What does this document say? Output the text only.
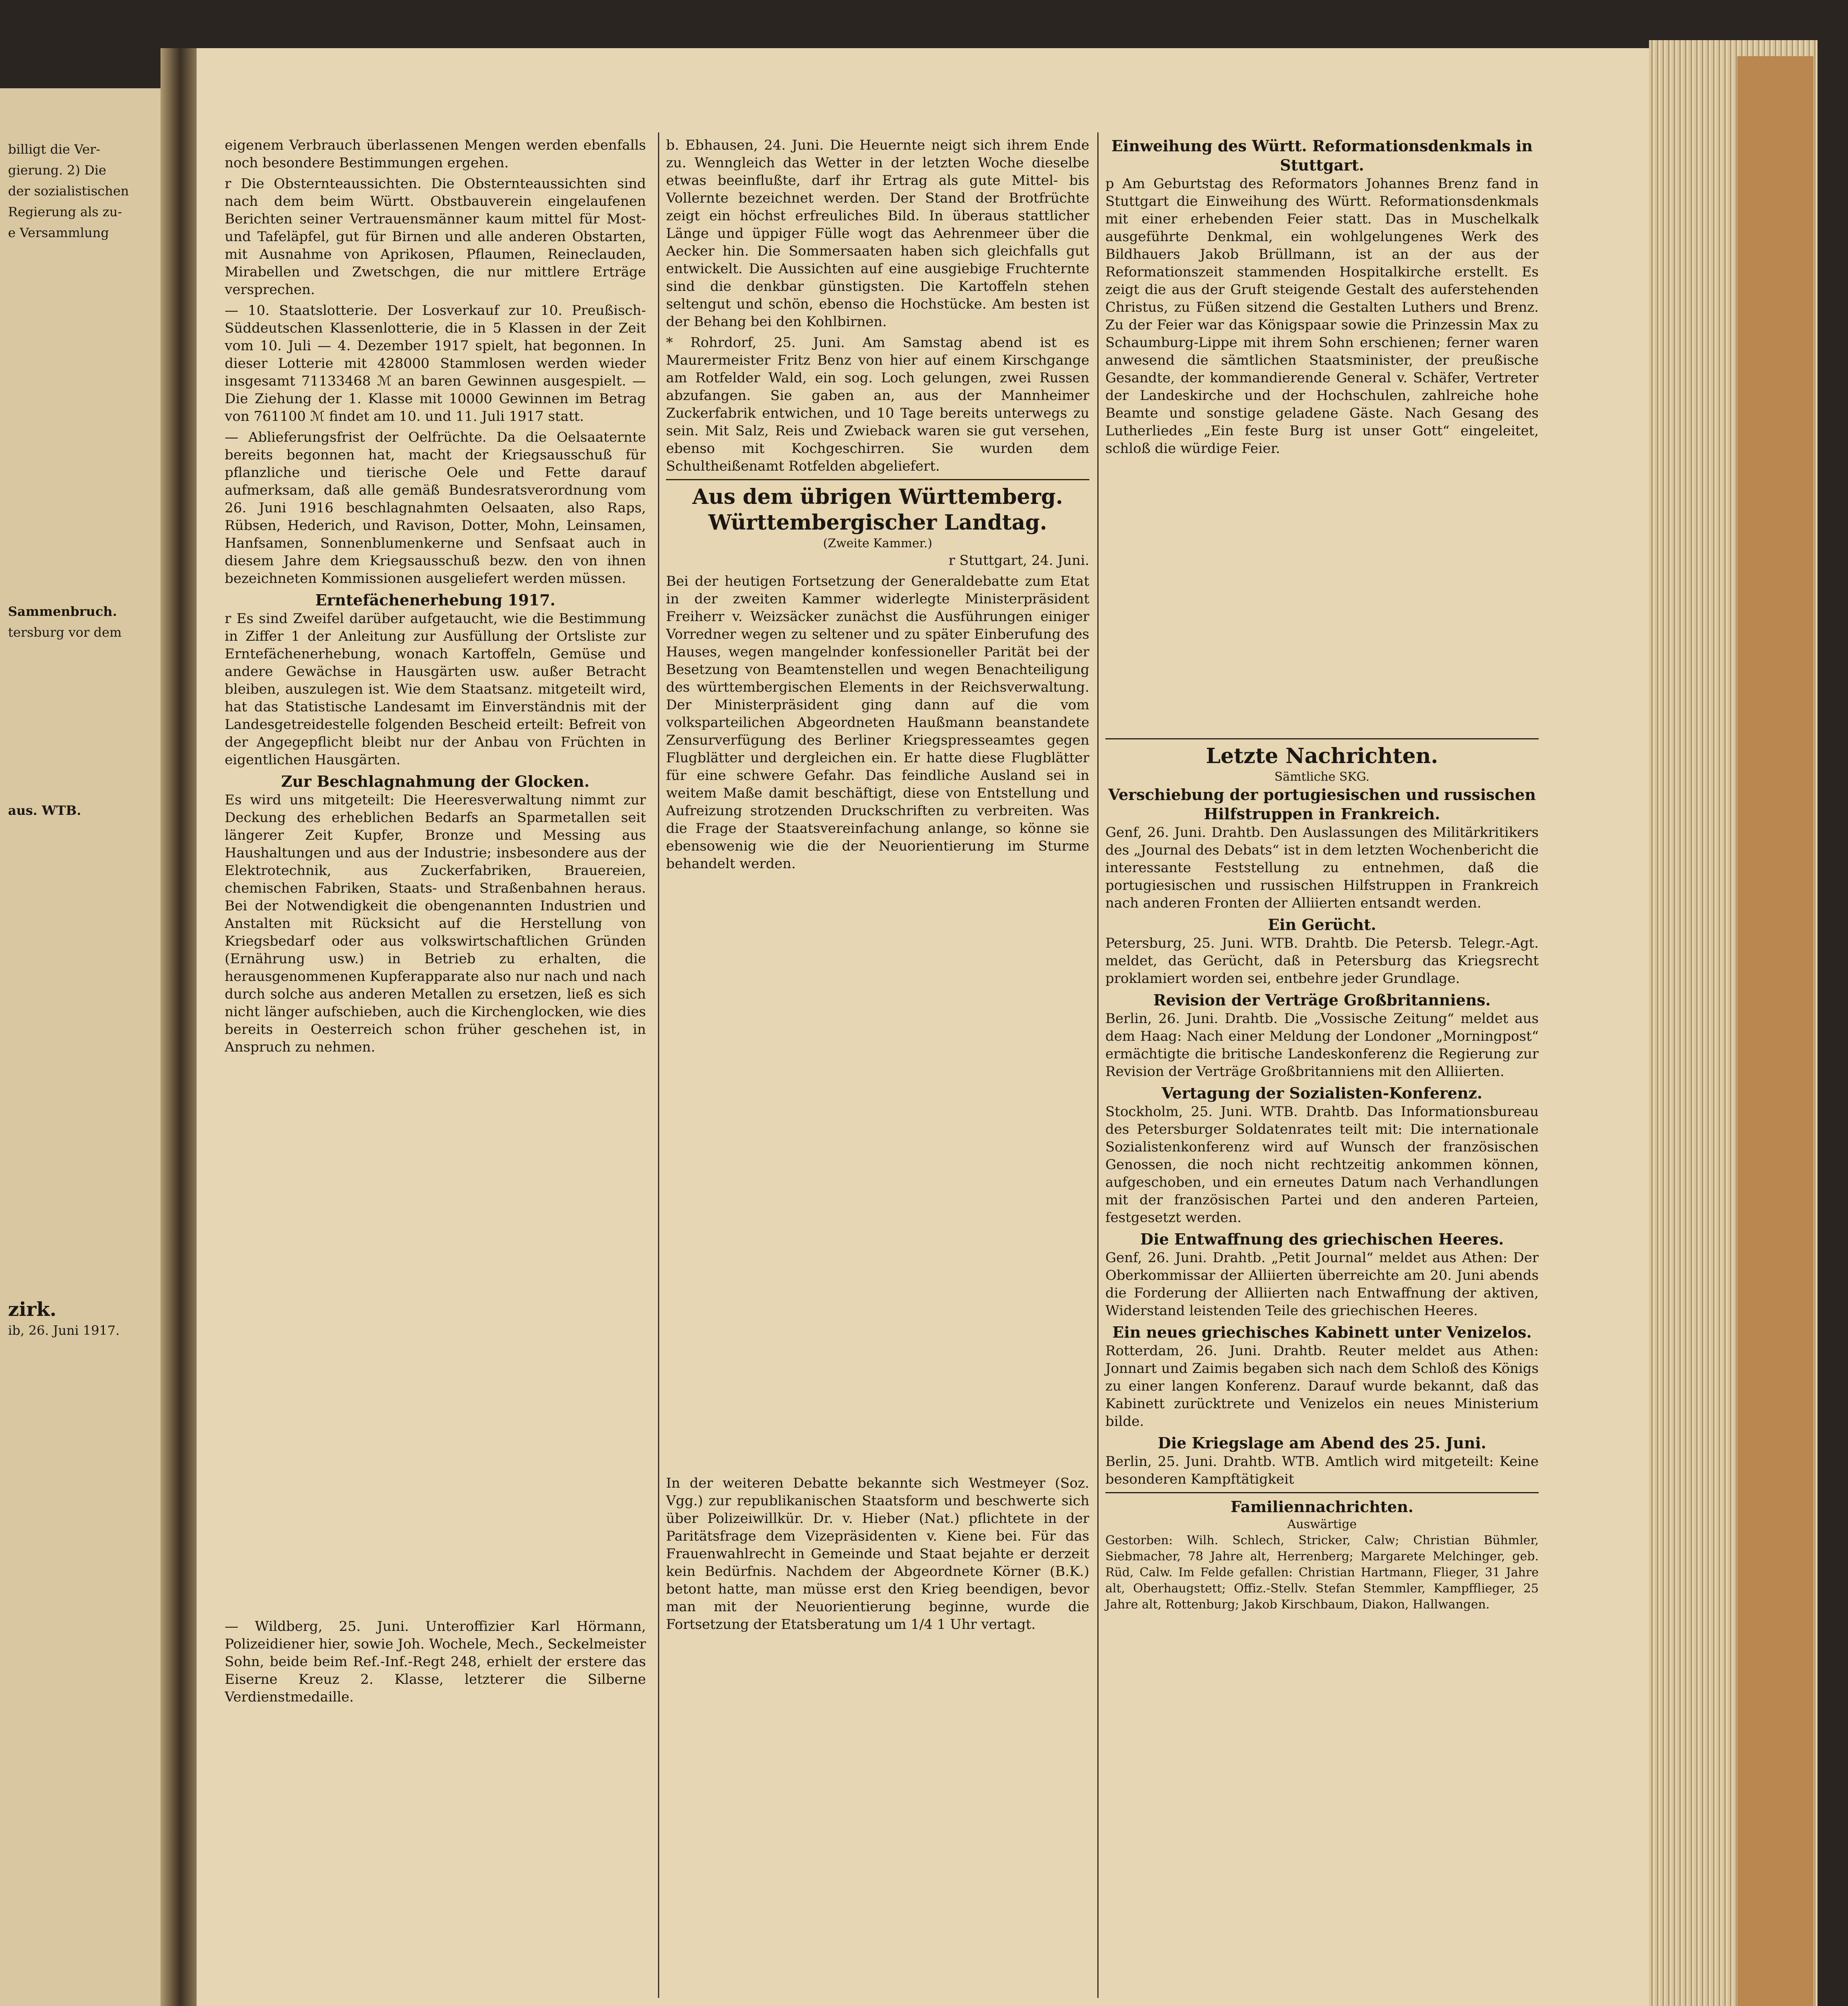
billigt die Ver-

gierung. 2) Die

der sozialistischen

Regierung als zu-

e Versammlung

Sammenbruch.

tersburg vor dem

aus. WTB.

zirk.

ib, 26. Juni 1917.

eigenem Verbrauch überlassenen Mengen werden ebenfalls noch besondere Bestimmungen ergehen.

r Die Obsternteaussichten. Die Obsternteaussichten sind nach dem beim Württ. Obstbauverein eingelaufenen Berichten seiner Vertrauensmänner kaum mittel für Most- und Tafeläpfel, gut für Birnen und alle anderen Obstarten, mit Ausnahme von Aprikosen, Pflaumen, Reineclauden, Mirabellen und Zwetschgen, die nur mittlere Erträge versprechen.

— 10. Staatslotterie. Der Losverkauf zur 10. Preußisch-Süddeutschen Klassenlotterie, die in 5 Klassen in der Zeit vom 10. Juli — 4. Dezember 1917 spielt, hat begonnen. In dieser Lotterie mit 428000 Stammlosen werden wieder insgesamt 71133468 ℳ an baren Gewinnen ausgespielt. — Die Ziehung der 1. Klasse mit 10000 Gewinnen im Betrag von 761100 ℳ findet am 10. und 11. Juli 1917 statt.

— Ablieferungsfrist der Oelfrüchte. Da die Oelsaaternte bereits begonnen hat, macht der Kriegsausschuß für pflanzliche und tierische Oele und Fette darauf aufmerksam, daß alle gemäß Bundesratsverordnung vom 26. Juni 1916 beschlagnahmten Oelsaaten, also Raps, Rübsen, Hederich, und Ravison, Dotter, Mohn, Leinsamen, Hanfsamen, Sonnenblumenkerne und Senfsaat auch in diesem Jahre dem Kriegsausschuß bezw. den von ihnen bezeichneten Kommissionen ausgeliefert werden müssen.

Erntefächenerhebung 1917.

r Es sind Zweifel darüber aufgetaucht, wie die Bestimmung in Ziffer 1 der Anleitung zur Ausfüllung der Ortsliste zur Erntefächenerhebung, wonach Kartoffeln, Gemüse und andere Gewächse in Hausgärten usw. außer Betracht bleiben, auszulegen ist. Wie dem Staatsanz. mitgeteilt wird, hat das Statistische Landesamt im Einverständnis mit der Landesgetreidestelle folgenden Bescheid erteilt: Befreit von der Angegepflicht bleibt nur der Anbau von Früchten in eigentlichen Hausgärten.

Zur Beschlagnahmung der Glocken.

Es wird uns mitgeteilt: Die Heeresverwaltung nimmt zur Deckung des erheblichen Bedarfs an Sparmetallen seit längerer Zeit Kupfer, Bronze und Messing aus Haushaltungen und aus der Industrie; insbesondere aus der Elektrotechnik, aus Zuckerfabriken, Brauereien, chemischen Fabriken, Staats- und Straßenbahnen heraus. Bei der Notwendigkeit die obengenannten Industrien und Anstalten mit Rücksicht auf die Herstellung von Kriegsbedarf oder aus volkswirtschaftlichen Gründen (Ernährung usw.) in Betrieb zu erhalten, die herausgenommenen Kupferapparate also nur nach und nach durch solche aus anderen Metallen zu ersetzen, ließ es sich nicht länger aufschieben, auch die Kirchenglocken, wie dies bereits in Oesterreich schon früher geschehen ist, in Anspruch zu nehmen.

— Wildberg, 25. Juni. Unteroffizier Karl Hörmann, Polizeidiener hier, sowie Joh. Wochele, Mech., Seckelmeister Sohn, beide beim Ref.-Inf.-Regt 248, erhielt der erstere das Eiserne Kreuz 2. Klasse, letzterer die Silberne Verdienstmedaille.

b. Ebhausen, 24. Juni. Die Heuernte neigt sich ihrem Ende zu. Wenngleich das Wetter in der letzten Woche dieselbe etwas beeinflußte, darf ihr Ertrag als gute Mittel- bis Vollernte bezeichnet werden. Der Stand der Brotfrüchte zeigt ein höchst erfreuliches Bild. In überaus stattlicher Länge und üppiger Fülle wogt das Aehrenmeer über die Aecker hin. Die Sommersaaten haben sich gleichfalls gut entwickelt. Die Aussichten auf eine ausgiebige Fruchternte sind die denkbar günstigsten. Die Kartoffeln stehen seltengut und schön, ebenso die Hochstücke. Am besten ist der Behang bei den Kohlbirnen.

* Rohrdorf, 25. Juni. Am Samstag abend ist es Maurermeister Fritz Benz von hier auf einem Kirschgange am Rotfelder Wald, ein sog. Loch gelungen, zwei Russen abzufangen. Sie gaben an, aus der Mannheimer Zuckerfabrik entwichen, und 10 Tage bereits unterwegs zu sein. Mit Salz, Reis und Zwieback waren sie gut versehen, ebenso mit Kochgeschirren. Sie wurden dem Schultheißenamt Rotfelden abgeliefert.

Aus dem übrigen Württemberg.
Württembergischer Landtag.
(Zweite Kammer.)

r Stuttgart, 24. Juni.

Bei der heutigen Fortsetzung der Generaldebatte zum Etat in der zweiten Kammer widerlegte Ministerpräsident Freiherr v. Weizsäcker zunächst die Ausführungen einiger Vorredner wegen zu seltener und zu später Einberufung des Hauses, wegen mangelnder konfessioneller Parität bei der Besetzung von Beamtenstellen und wegen Benachteiligung des württembergischen Elements in der Reichsverwaltung. Der Ministerpräsident ging dann auf die vom volksparteilichen Abgeordneten Haußmann beanstandete Zensurverfügung des Berliner Kriegspresseamtes gegen Flugblätter und dergleichen ein. Er hatte diese Flugblätter für eine schwere Gefahr. Das feindliche Ausland sei in weitem Maße damit beschäftigt, diese von Entstellung und Aufreizung strotzenden Druckschriften zu verbreiten. Was die Frage der Staatsvereinfachung anlange, so könne sie ebensowenig wie die der Neuorientierung im Sturme behandelt werden.

In der weiteren Debatte bekannte sich Westmeyer (Soz. Vgg.) zur republikanischen Staatsform und beschwerte sich über Polizeiwillkür. Dr. v. Hieber (Nat.) pflichtete in der Paritätsfrage dem Vizepräsidenten v. Kiene bei. Für das Frauenwahlrecht in Gemeinde und Staat bejahte er derzeit kein Bedürfnis. Nachdem der Abgeordnete Körner (B.K.) betont hatte, man müsse erst den Krieg beendigen, bevor man mit der Neuorientierung beginne, wurde die Fortsetzung der Etatsberatung um 1/4 1 Uhr vertagt.

Einweihung des Württ. Reformationsdenkmals in Stuttgart.

p Am Geburtstag des Reformators Johannes Brenz fand in Stuttgart die Einweihung des Württ. Reformationsdenkmals mit einer erhebenden Feier statt. Das in Muschelkalk ausgeführte Denkmal, ein wohlgelungenes Werk des Bildhauers Jakob Brüllmann, ist an der aus der Reformationszeit stammenden Hospitalkirche erstellt. Es zeigt die aus der Gruft steigende Gestalt des auferstehenden Christus, zu Füßen sitzend die Gestalten Luthers und Brenz. Zu der Feier war das Königspaar sowie die Prinzessin Max zu Schaumburg-Lippe mit ihrem Sohn erschienen; ferner waren anwesend die sämtlichen Staatsminister, der preußische Gesandte, der kommandierende General v. Schäfer, Vertreter der Landeskirche und der Hochschulen, zahlreiche hohe Beamte und sonstige geladene Gäste. Nach Gesang des Lutherliedes „Ein feste Burg ist unser Gott“ eingeleitet, schloß die würdige Feier.

Letzte Nachrichten.
Sämtliche SKG.
Verschiebung der portugiesischen und russischen Hilfstruppen in Frankreich.

Genf, 26. Juni. Drahtb. Den Auslassungen des Militärkritikers des „Journal des Debats“ ist in dem letzten Wochenbericht die interessante Feststellung zu entnehmen, daß die portugiesischen und russischen Hilfstruppen in Frankreich nach anderen Fronten der Alliierten entsandt werden.

Ein Gerücht.

Petersburg, 25. Juni. WTB. Drahtb. Die Petersb. Telegr.-Agt. meldet, das Gerücht, daß in Petersburg das Kriegsrecht proklamiert worden sei, entbehre jeder Grundlage.

Revision der Verträge Großbritanniens.

Berlin, 26. Juni. Drahtb. Die „Vossische Zeitung“ meldet aus dem Haag: Nach einer Meldung der Londoner „Morningpost“ ermächtigte die britische Landeskonferenz die Regierung zur Revision der Verträge Großbritanniens mit den Alliierten.

Vertagung der Sozialisten-Konferenz.

Stockholm, 25. Juni. WTB. Drahtb. Das Informationsbureau des Petersburger Soldatenrates teilt mit: Die internationale Sozialistenkonferenz wird auf Wunsch der französischen Genossen, die noch nicht rechtzeitig ankommen können, aufgeschoben, und ein erneutes Datum nach Verhandlungen mit der französischen Partei und den anderen Parteien, festgesetzt werden.

Die Entwaffnung des griechischen Heeres.

Genf, 26. Juni. Drahtb. „Petit Journal“ meldet aus Athen: Der Oberkommissar der Alliierten überreichte am 20. Juni abends die Forderung der Alliierten nach Entwaffnung der aktiven, Widerstand leistenden Teile des griechischen Heeres.

Ein neues griechisches Kabinett unter Venizelos.

Rotterdam, 26. Juni. Drahtb. Reuter meldet aus Athen: Jonnart und Zaimis begaben sich nach dem Schloß des Königs zu einer langen Konferenz. Darauf wurde bekannt, daß das Kabinett zurücktrete und Venizelos ein neues Ministerium bilde.

Die Kriegslage am Abend des 25. Juni.

Berlin, 25. Juni. Drahtb. WTB. Amtlich wird mitgeteilt: Keine besonderen Kampftätigkeit

Familiennachrichten.
Auswärtige

Gestorben: Wilh. Schlech, Stricker, Calw; Christian Bühmler, Siebmacher, 78 Jahre alt, Herrenberg; Margarete Melchinger, geb. Rüd, Calw. Im Felde gefallen: Christian Hartmann, Flieger, 31 Jahre alt, Oberhaugstett; Offiz.-Stellv. Stefan Stemmler, Kampfflieger, 25 Jahre alt, Rottenburg; Jakob Kirschbaum, Diakon, Hallwangen.
